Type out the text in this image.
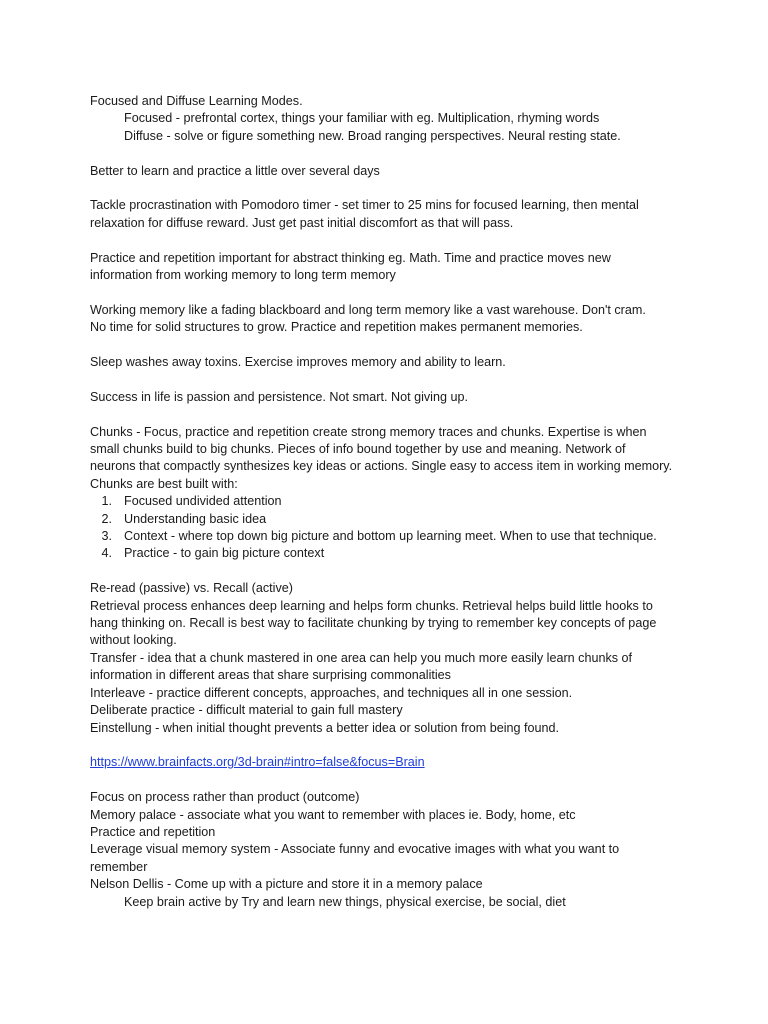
Focused and Diffuse Learning Modes.
Focused - prefrontal cortex, things your familiar with eg. Multiplication, rhyming words
Diffuse - solve or figure something new. Broad ranging perspectives. Neural resting state.
Better to learn and practice a little over several days
Tackle procrastination with Pomodoro timer - set timer to 25 mins for focused learning, then mental
relaxation for diffuse reward. Just get past initial discomfort as that will pass.
Practice and repetition important for abstract thinking eg. Math. Time and practice moves new
information from working memory to long term memory
Working memory like a fading blackboard and long term memory like a vast warehouse. Don't cram.
No time for solid structures to grow. Practice and repetition makes permanent memories.
Sleep washes away toxins. Exercise improves memory and ability to learn.
Success in life is passion and persistence. Not smart. Not giving up.
Chunks - Focus, practice and repetition create strong memory traces and chunks. Expertise is when
small chunks build to big chunks. Pieces of info bound together by use and meaning. Network of
neurons that compactly synthesizes key ideas or actions. Single easy to access item in working memory.
Chunks are best built with:
1. Focused undivided attention
2. Understanding basic idea
3. Context - where top down big picture and bottom up learning meet. When to use that technique.
4. Practice - to gain big picture context
Re-read (passive) vs. Recall (active)
Retrieval process enhances deep learning and helps form chunks. Retrieval helps build little hooks to
hang thinking on. Recall is best way to facilitate chunking by trying to remember key concepts of page
without looking.
Transfer - idea that a chunk mastered in one area can help you much more easily learn chunks of
information in different areas that share surprising commonalities
Interleave - practice different concepts, approaches, and techniques all in one session.
Deliberate practice - difficult material to gain full mastery
Einstellung - when initial thought prevents a better idea or solution from being found.
https://www.brainfacts.org/3d-brain#intro=false&focus=Brain
Focus on process rather than product (outcome)
Memory palace - associate what you want to remember with places ie. Body, home, etc
Practice and repetition
Leverage visual memory system - Associate funny and evocative images with what you want to
remember
Nelson Dellis - Come up with a picture and store it in a memory palace
Keep brain active by Try and learn new things, physical exercise, be social, diet
